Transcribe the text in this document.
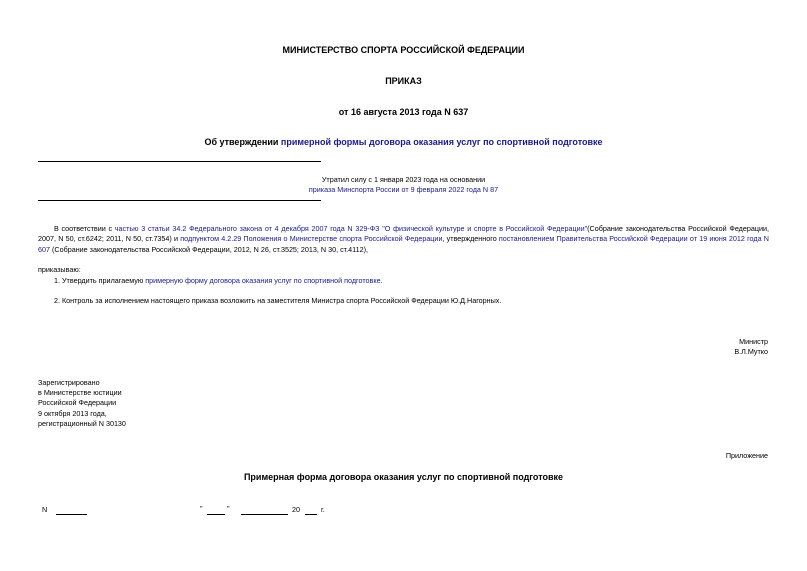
МИНИСТЕРСТВО СПОРТА РОССИЙСКОЙ ФЕДЕРАЦИИ
ПРИКАЗ
от 16 августа 2013 года N 637
Об утверждении примерной формы договора оказания услуг по спортивной подготовке
Утратил силу с 1 января 2023 года на основании
приказа Минспорта России от 9 февраля 2022 года N 87
В соответствии с частью 3 статьи 34.2 Федерального закона от 4 декабря 2007 года N 329-ФЗ "О физической культуре и спорте в Российской Федерации"(Собрание законодательства Российской Федерации, 2007, N 50, ст.6242; 2011, N 50, ст.7354) и подпунктом 4.2.29 Положения о Министерстве спорта Российской Федерации, утвержденного постановлением Правительства Российской Федерации от 19 июня 2012 года N 607 (Собрание законодательства Российской Федерации, 2012, N 26, ст.3525; 2013, N 30, ст.4112),
приказываю:
1. Утвердить прилагаемую примерную форму договора оказания услуг по спортивной подготовке.
2. Контроль за исполнением настоящего приказа возложить на заместителя Министра спорта Российской Федерации Ю.Д.Нагорных.
Министр
В.Л.Мутко
Зарегистрировано
в Министерстве юстиции
Российской Федерации
9 октября 2013 года,
регистрационный N 30130
Приложение
Примерная форма договора оказания услуг по спортивной подготовке
N	"	"	20	г.
